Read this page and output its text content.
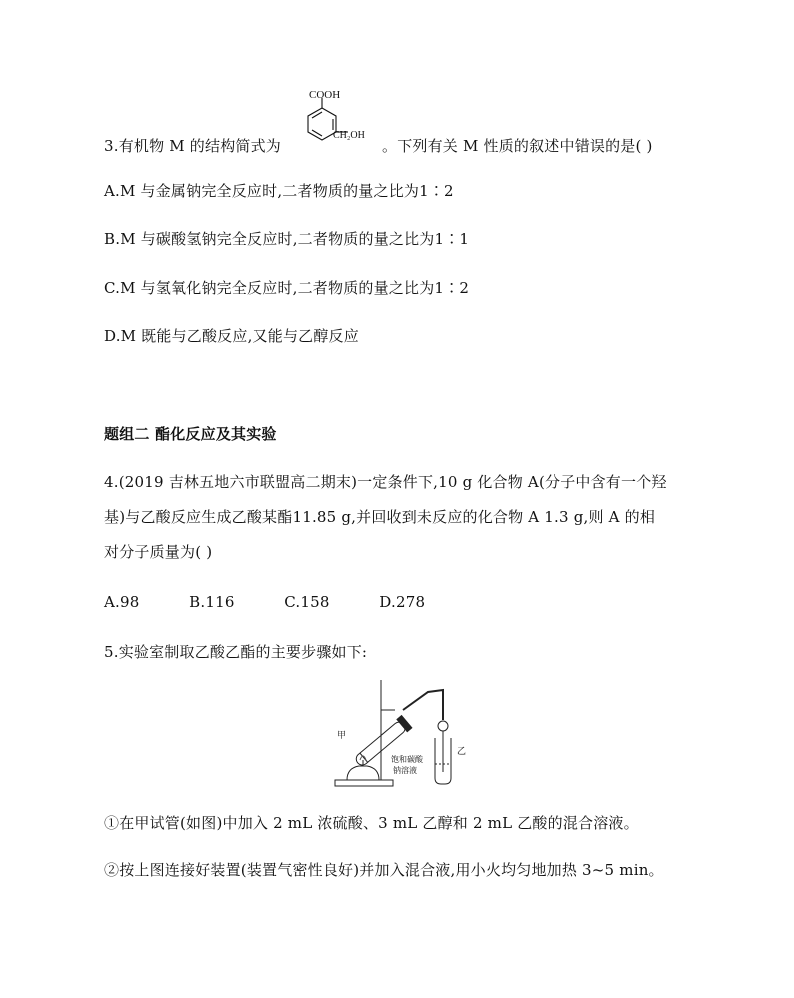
3.有机物 M 的结构简式为
COOH
CH₂OH
。下列有关 M 性质的叙述中错误的是( )
A.M 与金属钠完全反应时,二者物质的量之比为1∶2
B.M 与碳酸氢钠完全反应时,二者物质的量之比为1∶1
C.M 与氢氧化钠完全反应时,二者物质的量之比为1∶2
D.M 既能与乙酸反应,又能与乙醇反应
题组二 酯化反应及其实验
4.(2019 吉林五地六市联盟高二期末)一定条件下,10 g 化合物 A(分子中含有一个羟
基)与乙酸反应生成乙酸某酯11.85 g,并回收到未反应的化合物 A 1.3 g,则 A 的相
对分子质量为( )
A.98          B.116          C.158          D.278
5.实验室制取乙酸乙酯的主要步骤如下:
甲
乙
饱和碳酸
钠溶液
①在甲试管(如图)中加入 2 mL 浓硫酸、3 mL 乙醇和 2 mL 乙酸的混合溶液。
②按上图连接好装置(装置气密性良好)并加入混合液,用小火均匀地加热 3~5 min。
